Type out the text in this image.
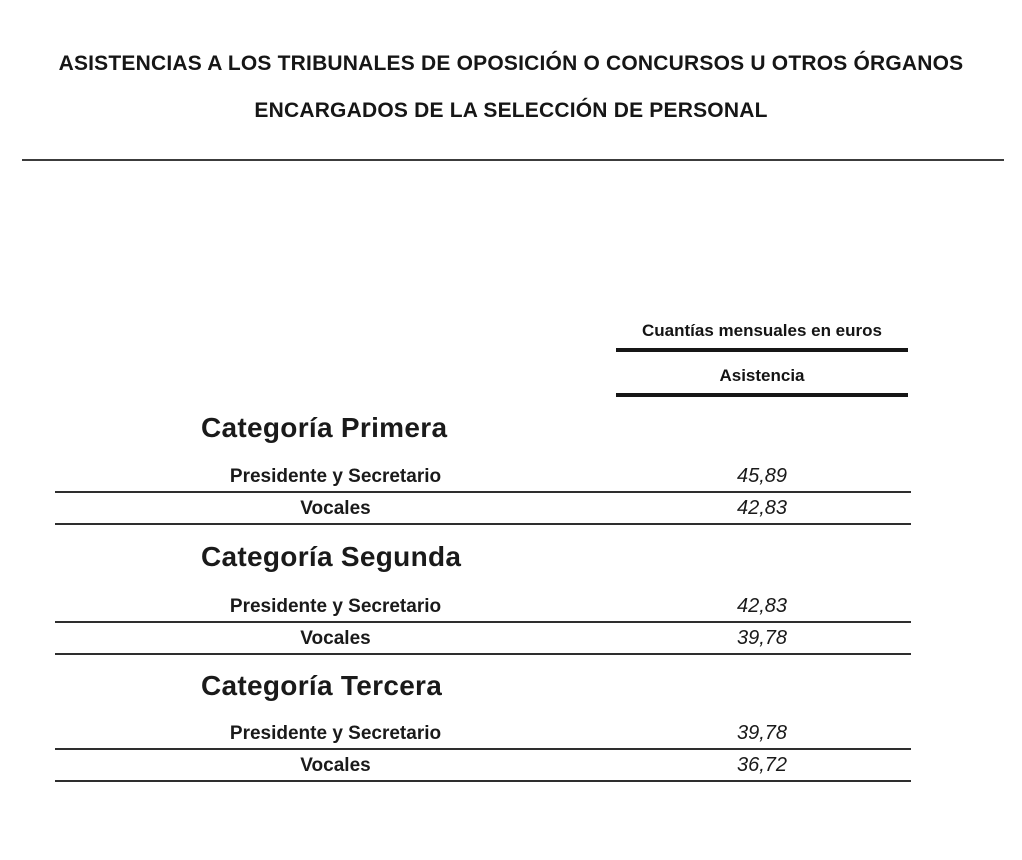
ASISTENCIAS A LOS TRIBUNALES DE OPOSICIÓN O CONCURSOS U OTROS ÓRGANOS
ENCARGADOS DE LA SELECCIÓN DE PERSONAL
Cuantías mensuales en euros
Asistencia
Categoría Primera
Presidente y Secretario	45,89
Vocales	42,83
Categoría Segunda
Presidente y Secretario	42,83
Vocales	39,78
Categoría Tercera
Presidente y Secretario	39,78
Vocales	36,72
